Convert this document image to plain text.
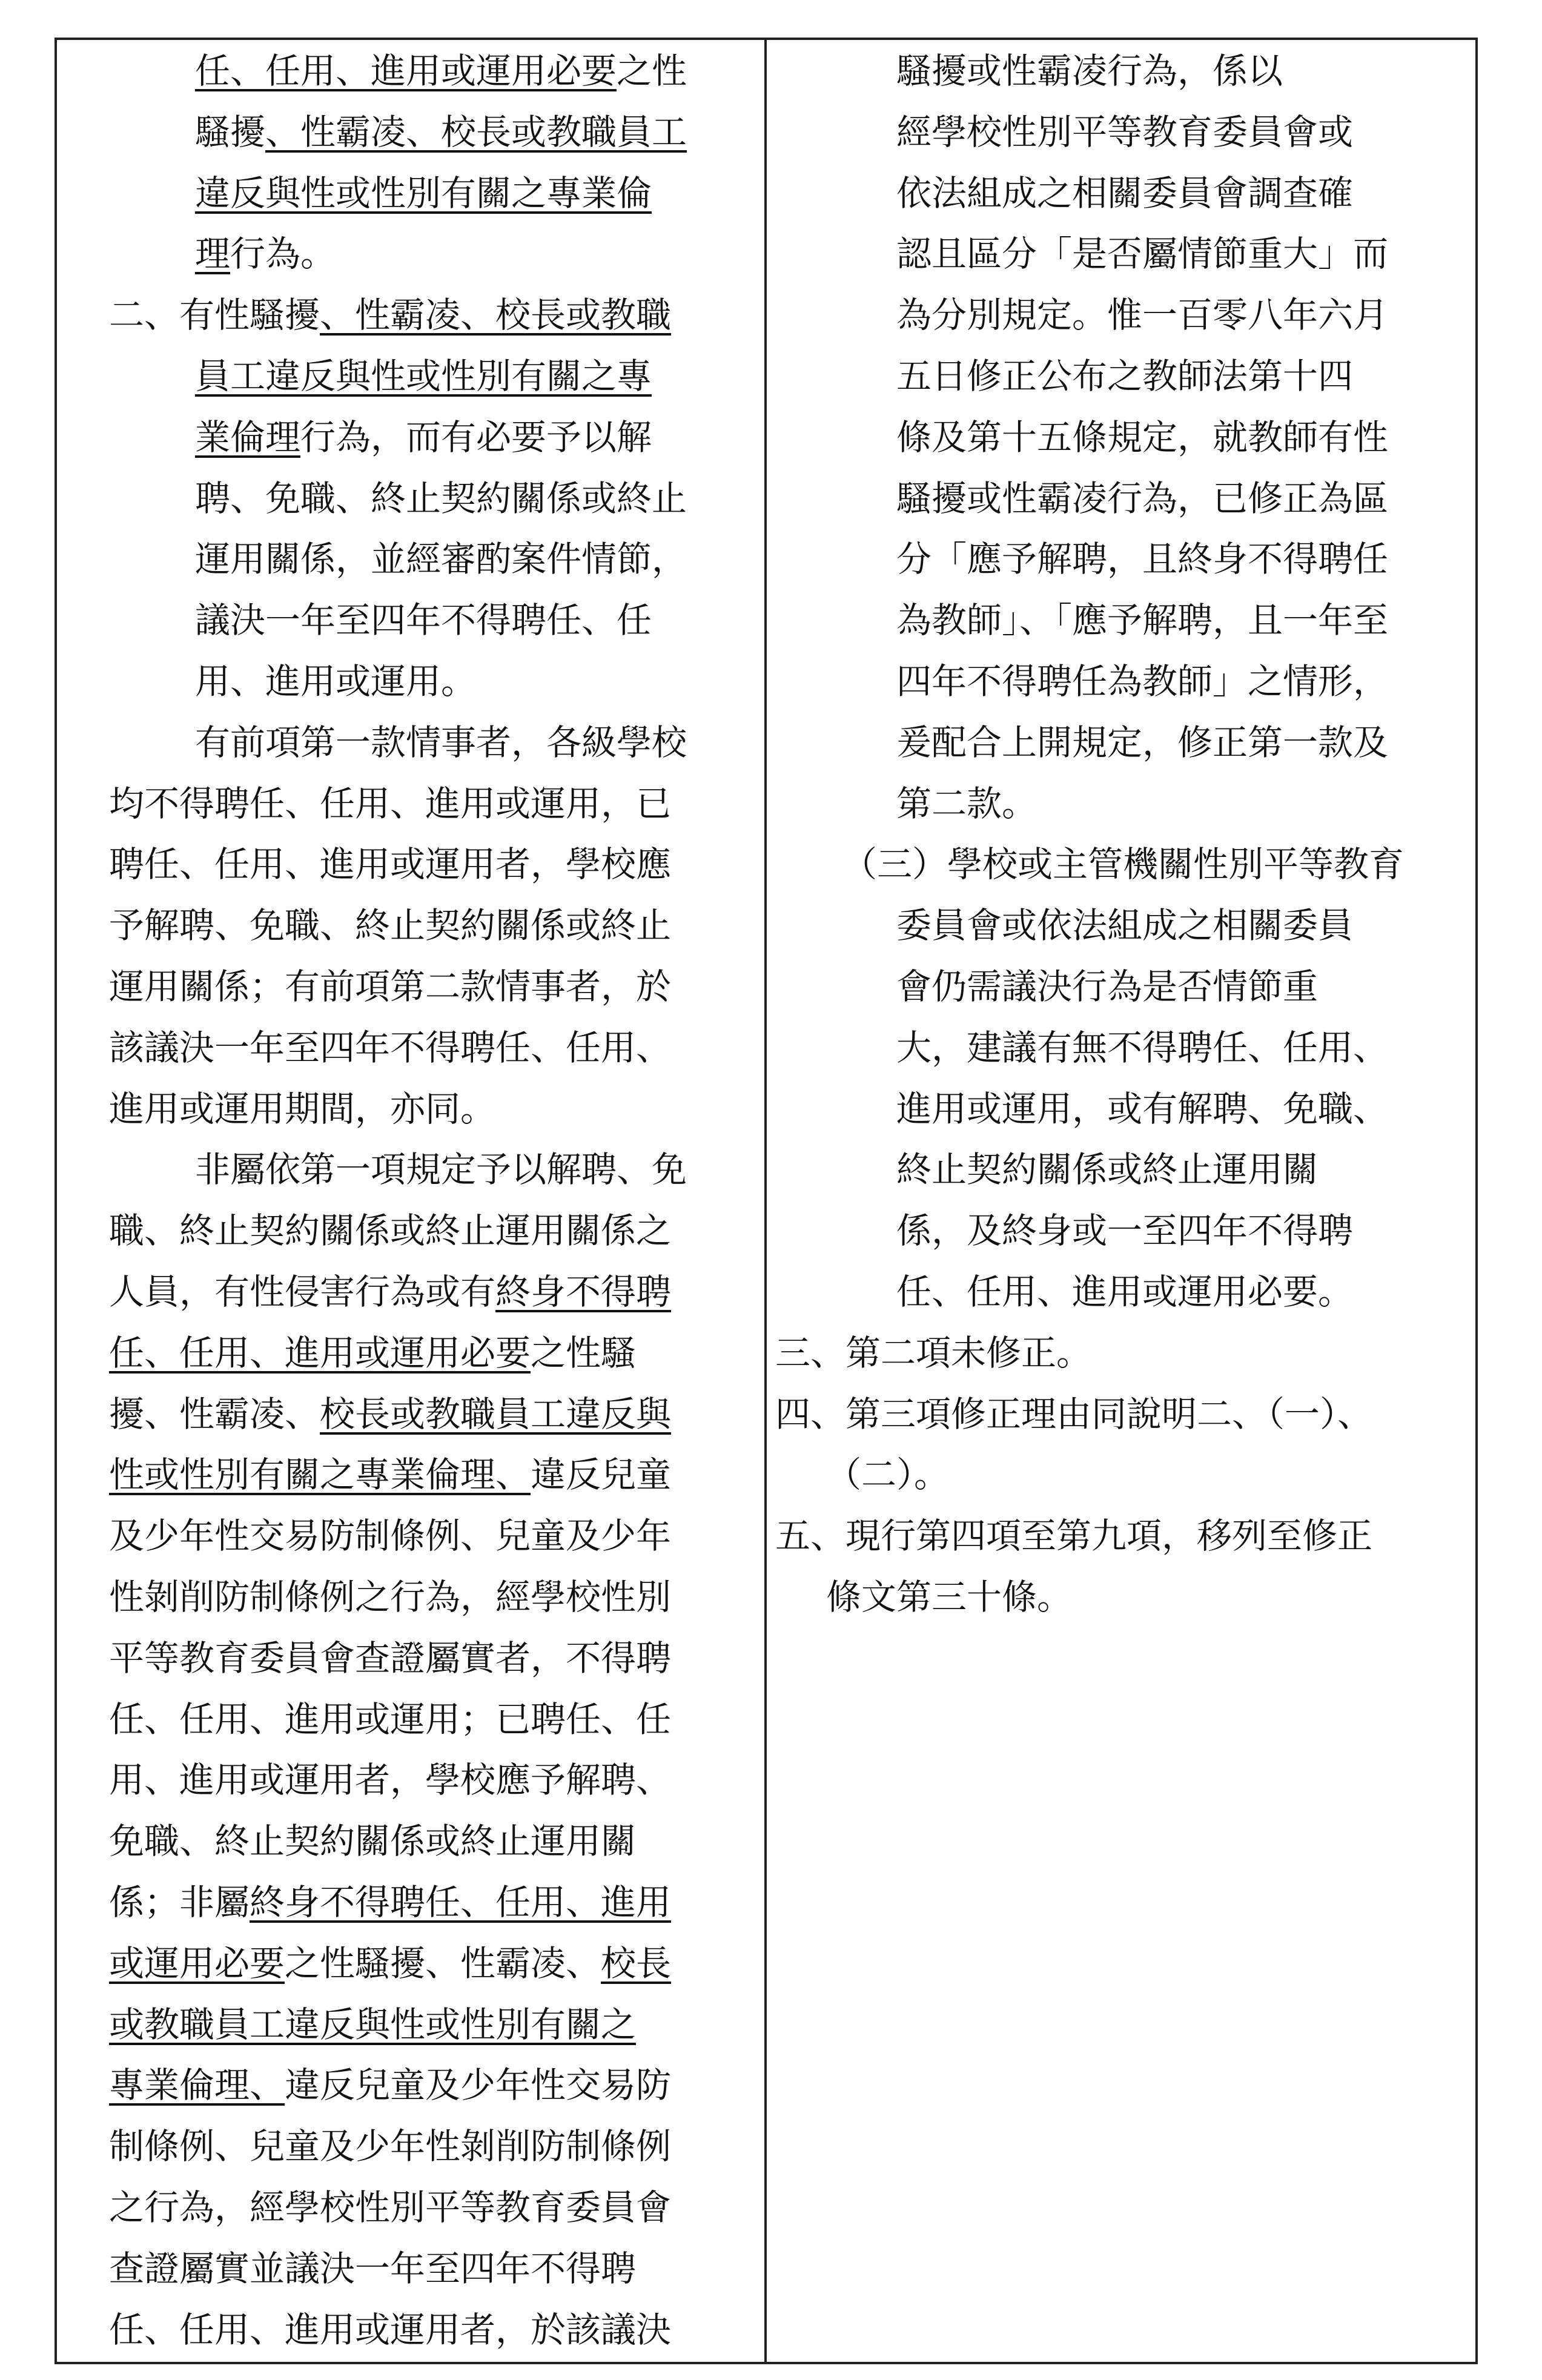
任、任用、進用或運用必要之性
騷擾、性霸凌、校長或教職員工
違反與性或性別有關之專業倫
理行為。
二、有性騷擾、性霸凌、校長或教職
員工違反與性或性別有關之專
業倫理行為，而有必要予以解
聘、免職、終止契約關係或終止
運用關係，並經審酌案件情節，
議決一年至四年不得聘任、任
用、進用或運用。
有前項第一款情事者，各級學校
均不得聘任、任用、進用或運用，已
聘任、任用、進用或運用者，學校應
予解聘、免職、終止契約關係或終止
運用關係；有前項第二款情事者，於
該議決一年至四年不得聘任、任用、
進用或運用期間，亦同。
非屬依第一項規定予以解聘、免
職、終止契約關係或終止運用關係之
人員，有性侵害行為或有終身不得聘
任、任用、進用或運用必要之性騷
擾、性霸凌、校長或教職員工違反與
性或性別有關之專業倫理、違反兒童
及少年性交易防制條例、兒童及少年
性剝削防制條例之行為，經學校性別
平等教育委員會查證屬實者，不得聘
任、任用、進用或運用；已聘任、任
用、進用或運用者，學校應予解聘、
免職、終止契約關係或終止運用關
係；非屬終身不得聘任、任用、進用
或運用必要之性騷擾、性霸凌、校長
或教職員工違反與性或性別有關之
專業倫理、違反兒童及少年性交易防
制條例、兒童及少年性剝削防制條例
之行為，經學校性別平等教育委員會
查證屬實並議決一年至四年不得聘
任、任用、進用或運用者，於該議決
騷擾或性霸凌行為，係以
經學校性別平等教育委員會或
依法組成之相關委員會調查確
認且區分「是否屬情節重大」而
為分別規定。惟一百零八年六月
五日修正公布之教師法第十四
條及第十五條規定，就教師有性
騷擾或性霸凌行為，已修正為區
分「應予解聘，且終身不得聘任
為教師」、「應予解聘，且一年至
四年不得聘任為教師」之情形，
爰配合上開規定，修正第一款及
第二款。
（三）學校或主管機關性別平等教育
委員會或依法組成之相關委員
會仍需議決行為是否情節重
大，建議有無不得聘任、任用、
進用或運用，或有解聘、免職、
終止契約關係或終止運用關
係，及終身或一至四年不得聘
任、任用、進用或運用必要。
三、第二項未修正。
四、第三項修正理由同說明二、（一）、
（二）。
五、現行第四項至第九項，移列至修正
條文第三十條。
